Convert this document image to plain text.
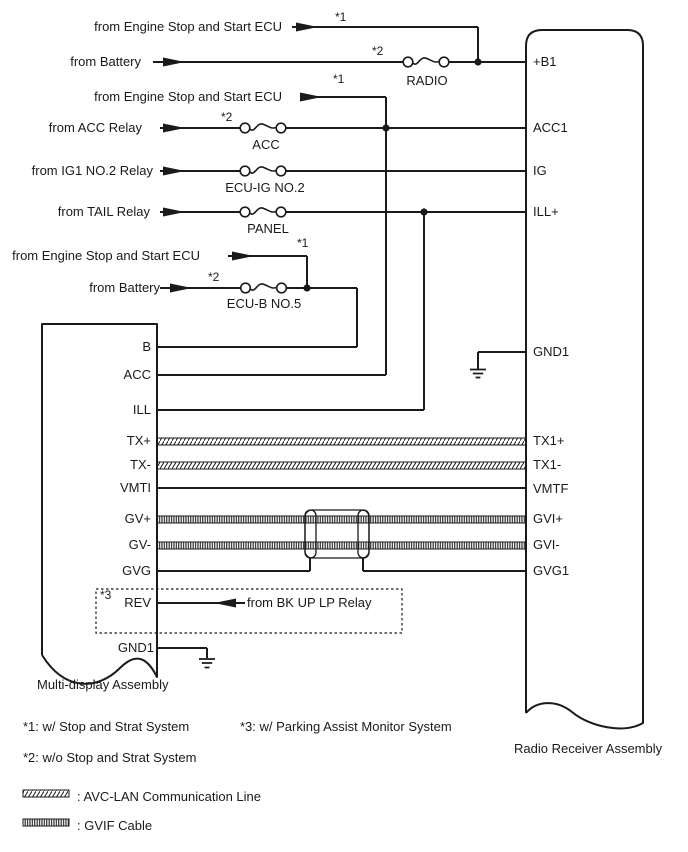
from Engine Stop and Start ECU
from Battery
from Engine Stop and Start ECU
from ACC Relay
from IG1 NO.2 Relay
from TAIL Relay
from Engine Stop and Start ECU
from Battery
from BK UP LP Relay
*1
*2
*1
*2
*1
*2
*3
RADIO
ACC
ECU-IG NO.2
PANEL
ECU-B NO.5
B
ACC
ILL
TX+
TX-
VMTI
GV+
GV-
GVG
REV
GND1
+B1
ACC1
IG
ILL+
GND1
TX1+
TX1-
VMTF
GVI+
GVI-
GVG1
Multi-display Assembly
Radio Receiver Assembly
*1: w/ Stop and Strat System	*3: w/ Parking Assist Monitor System
*2: w/o Stop and Strat System
: AVC-LAN Communication Line
: GVIF Cable
